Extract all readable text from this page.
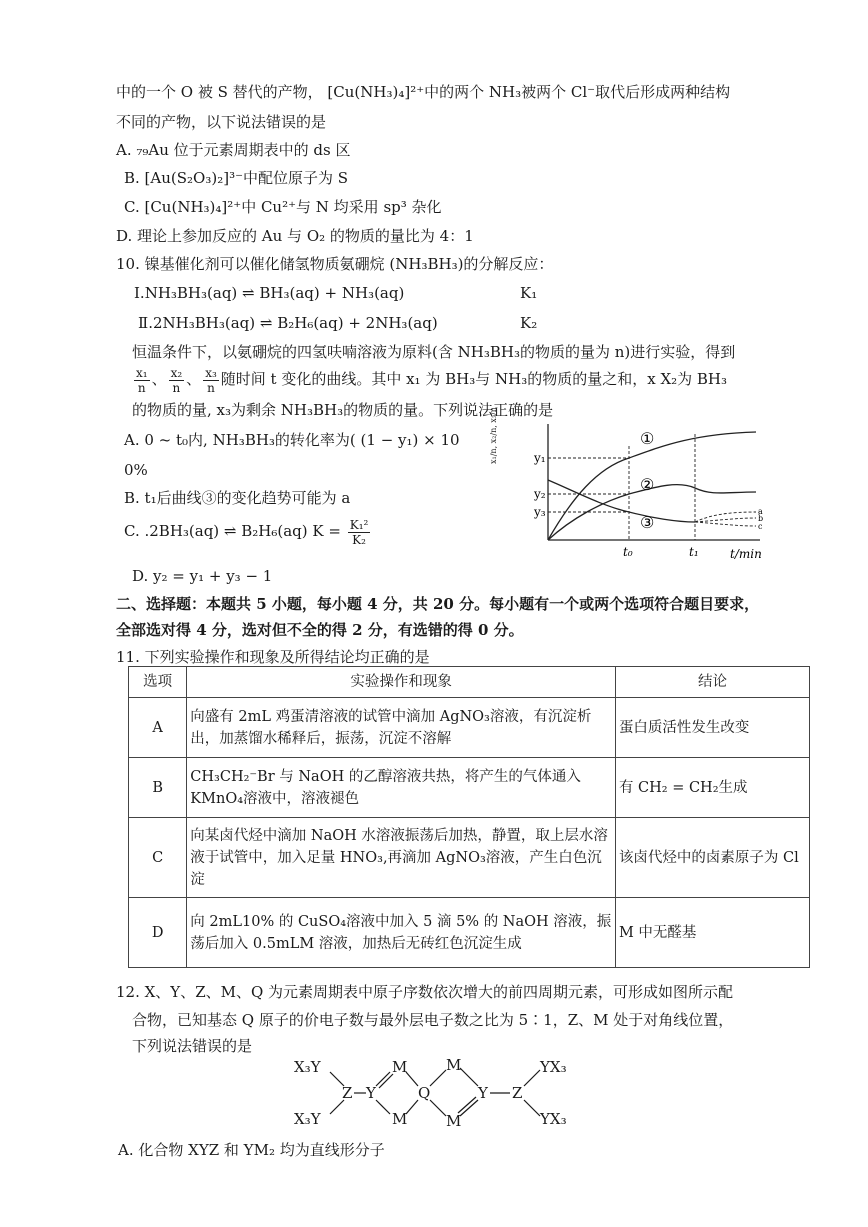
中的一个 O 被 S 替代的产物， [Cu(NH₃)₄]²⁺中的两个 NH₃被两个 Cl⁻取代后形成两种结构
不同的产物，以下说法错误的是
A. ₇₉Au 位于元素周期表中的 ds 区
B. [Au(S₂O₃)₂]³⁻中配位原子为 S
C. [Cu(NH₃)₄]²⁺中 Cu²⁺与 N 均采用 sp³ 杂化
D. 理论上参加反应的 Au 与 O₂ 的物质的量比为 4：1
10. 镍基催化剂可以催化储氢物质氨硼烷 (NH₃BH₃)的分解反应：
Ⅰ.NH₃BH₃(aq) ⇌ BH₃(aq) + NH₃(aq)	K₁
Ⅱ.2NH₃BH₃(aq) ⇌ B₂H₆(aq) + 2NH₃(aq)	K₂
恒温条件下，以氨硼烷的四氢呋喃溶液为原料(含 NH₃BH₃的物质的量为 n)进行实验，得到
$\frac{\text{x₁}}{n}$ 、 $\frac{\text{x₂}}{n}$ 、 $\frac{\text{x₃}}{n}$ 随时间 t 变化的曲线。其中 x₁ 为 BH₃与 NH₃的物质的量之和，x X₂为 BH₃
的物质的量, x₃为剩余 NH₃BH₃的物质的量。下列说法正确的是
A. 0 ~ t₀内, NH₃BH₃的转化率为( (1 − y₁) × 10
0%
B. t₁后曲线③的变化趋势可能为 a
C. .2BH₃(aq) ⇌ B₂H₆(aq) $K = \frac{\text{K₁²}}{\text{K₂}}$
D. y₂ = y₁ + y₃ − 1
x₁/n, x₂/n, x₃/n	y₁
y₂
y₃
t₀	t₁	t/min
①
②
③
a
b
c
二、选择题：本题共 5 小题，每小题 4 分，共 20 分。每小题有一个或两个选项符合题目要求，
全部选对得 4 分，选对但不全的得 2 分，有选错的得 0 分。
11. 下列实验操作和现象及所得结论均正确的是
选项	实验操作和现象	结论
A	向盛有 2mL 鸡蛋清溶液的试管中滴加 AgNO₃溶液，有沉淀析出，加蒸馏水稀释后，振荡，沉淀不溶解	蛋白质活性发生改变
B	CH₃CH₂⁻Br 与 NaOH 的乙醇溶液共热，将产生的气体通入KMnO₄溶液中，溶液褪色	有 CH₂ = CH₂生成
C	向某卤代烃中滴加 NaOH 水溶液振荡后加热，静置，取上层水溶液于试管中，加入足量 HNO₃,再滴加 AgNO₃溶液，产生白色沉淀	该卤代烃中的卤素原子为 Cl
D	向 2mL10% 的 CuSO₄溶液中加入 5 滴 5% 的 NaOH 溶液，振荡后加入 0.5mLM 溶液，加热后无砖红色沉淀生成	M 中无醛基
12. X、Y、Z、M、Q 为元素周期表中原子序数依次增大的前四周期元素，可形成如图所示配
合物，已知基态 Q 原子的价电子数与最外层电子数之比为 5∶1，Z、M 处于对角线位置，
下列说法错误的是
X₃Y
X₃Y
Z Y
M
M
Q
M
M
Y Z
YX₃
YX₃
A. 化合物 XYZ 和 YM₂ 均为直线形分子
